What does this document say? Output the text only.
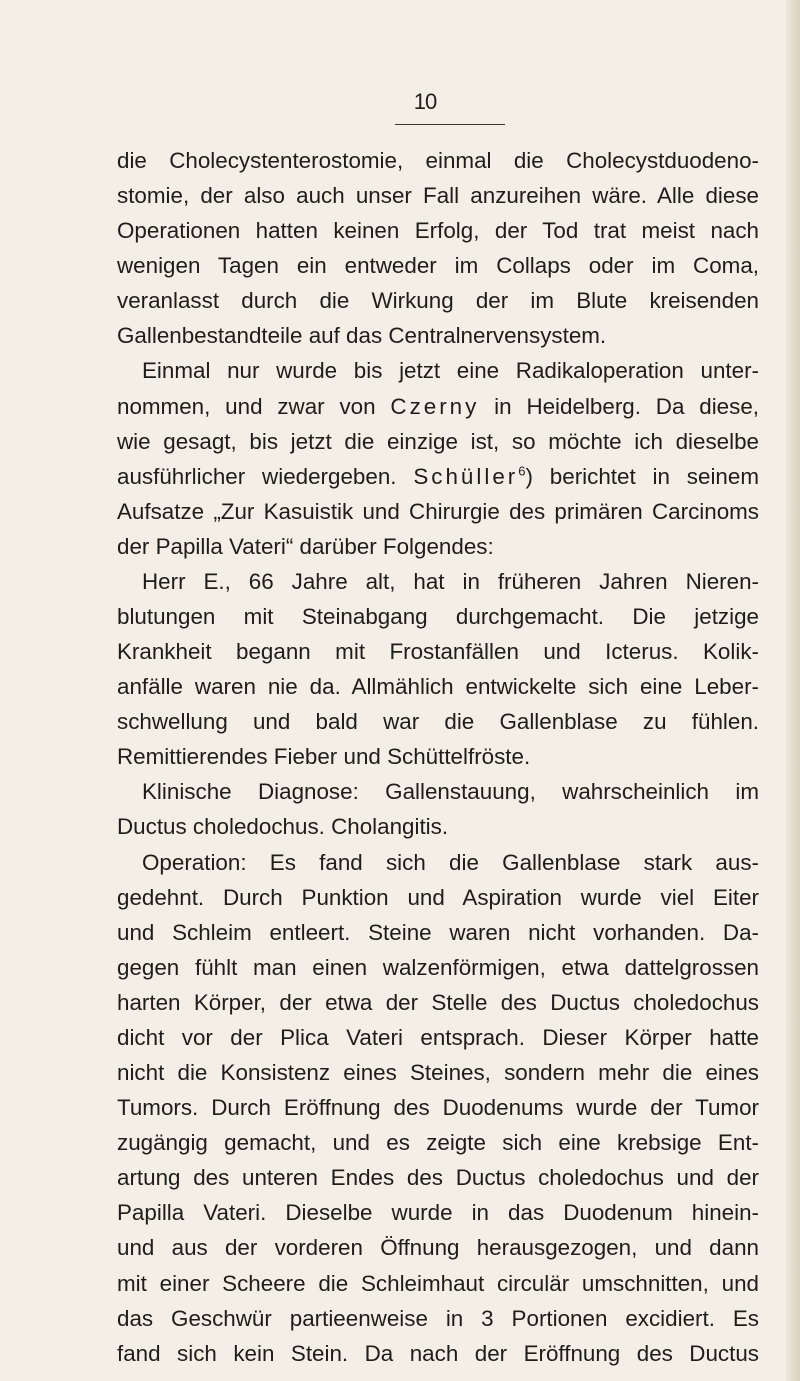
10
die Cholecystenterostomie, einmal die Cholecystduodeno-
stomie, der also auch unser Fall anzureihen wäre. Alle diese
Operationen hatten keinen Erfolg, der Tod trat meist nach
wenigen Tagen ein entweder im Collaps oder im Coma,
veranlasst durch die Wirkung der im Blute kreisenden
Gallenbestandteile auf das Centralnervensystem.
Einmal nur wurde bis jetzt eine Radikaloperation unter-
nommen, und zwar von Czerny in Heidelberg. Da diese,
wie gesagt, bis jetzt die einzige ist, so möchte ich dieselbe
ausführlicher wiedergeben. Schüller$^6$) berichtet in seinem
Aufsatze „Zur Kasuistik und Chirurgie des primären Carcinoms
der Papilla Vateri“ darüber Folgendes:
Herr E., 66 Jahre alt, hat in früheren Jahren Nieren-
blutungen mit Steinabgang durchgemacht. Die jetzige
Krankheit begann mit Frostanfällen und Icterus. Kolik-
anfälle waren nie da. Allmählich entwickelte sich eine Leber-
schwellung und bald war die Gallenblase zu fühlen.
Remittierendes Fieber und Schüttelfröste.
Klinische Diagnose: Gallenstauung, wahrscheinlich im
Ductus choledochus. Cholangitis.
Operation: Es fand sich die Gallenblase stark aus-
gedehnt. Durch Punktion und Aspiration wurde viel Eiter
und Schleim entleert. Steine waren nicht vorhanden. Da-
gegen fühlt man einen walzenförmigen, etwa dattelgrossen
harten Körper, der etwa der Stelle des Ductus choledochus
dicht vor der Plica Vateri entsprach. Dieser Körper hatte
nicht die Konsistenz eines Steines, sondern mehr die eines
Tumors. Durch Eröffnung des Duodenums wurde der Tumor
zugängig gemacht, und es zeigte sich eine krebsige Ent-
artung des unteren Endes des Ductus choledochus und der
Papilla Vateri. Dieselbe wurde in das Duodenum hinein-
und aus der vorderen Öffnung herausgezogen, und dann
mit einer Scheere die Schleimhaut circulär umschnitten, und
das Geschwür partieenweise in 3 Portionen excidiert. Es
fand sich kein Stein. Da nach der Eröffnung des Ductus
